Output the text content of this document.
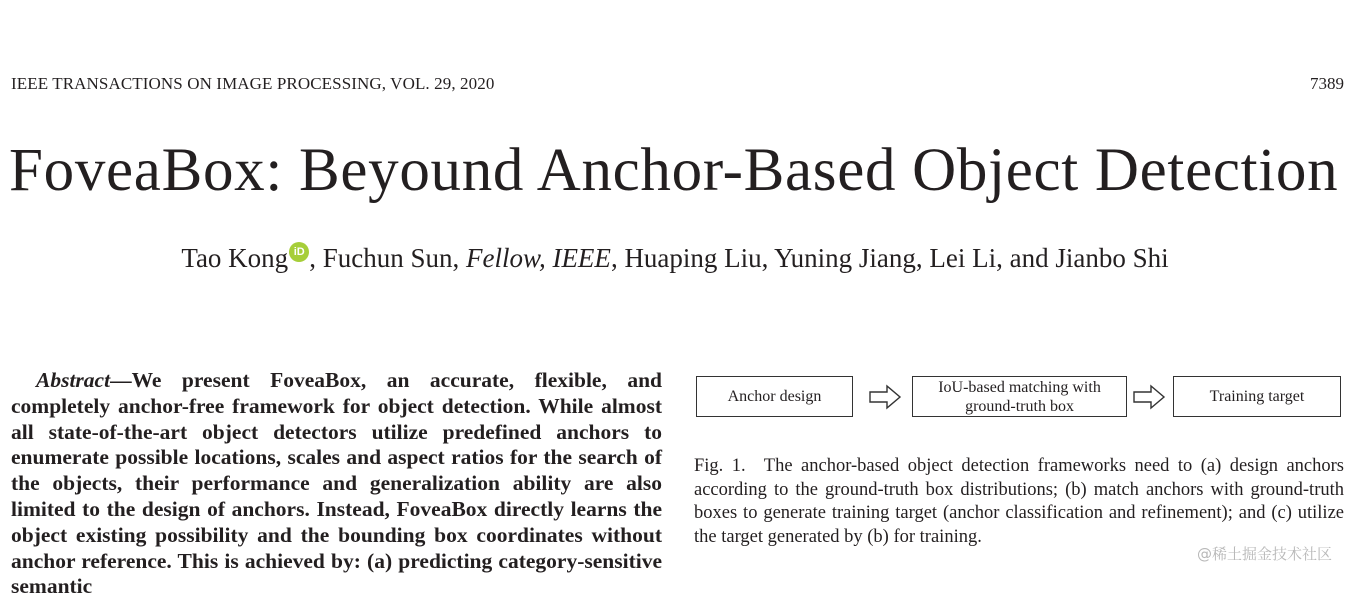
IEEE TRANSACTIONS ON IMAGE PROCESSING, VOL. 29, 2020	7389
FoveaBox: Beyound Anchor-Based Object Detection
Tao Kong iD , Fuchun Sun, Fellow, IEEE, Huaping Liu, Yuning Jiang, Lei Li, and Jianbo Shi
Abstract—We present FoveaBox, an accurate, flexible, and completely anchor-free framework for object detection. While almost all state-of-the-art object detectors utilize predefined anchors to enumerate possible locations, scales and aspect ratios for the search of the objects, their performance and generalization ability are also limited to the design of anchors. Instead, FoveaBox directly learns the object existing possibility and the bounding box coordinates without anchor reference. This is achieved by: (a) predicting category-sensitive semantic
Anchor design
IoU-based matching with
ground-truth box
Training target
Fig. 1. The anchor-based object detection frameworks need to (a) design anchors according to the ground-truth box distributions; (b) match anchors with ground-truth boxes to generate training target (anchor classification and refinement); and (c) utilize the target generated by (b) for training.
@稀土掘金技术社区
